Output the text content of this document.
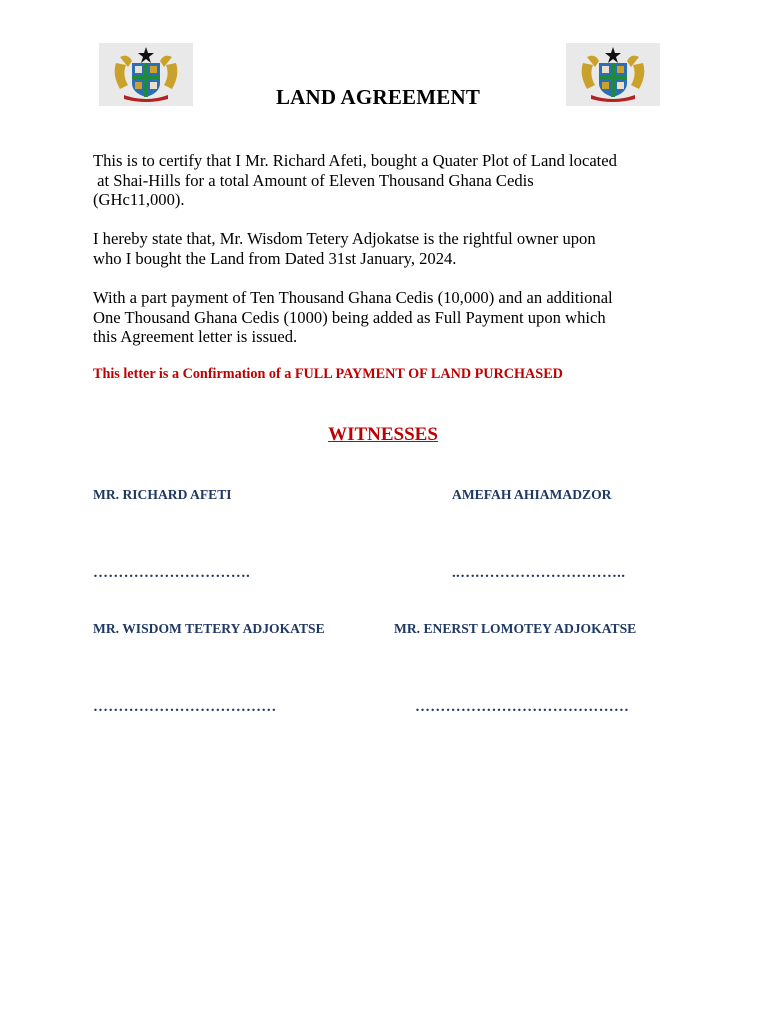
LAND AGREEMENT

This is to certify that I Mr. Richard Afeti, bought a Quater Plot of Land located
at Shai-Hills for a total Amount of Eleven Thousand Ghana Cedis
(GHc11,000).

I hereby state that, Mr. Wisdom Tetery Adjokatse is the rightful owner upon
who I bought the Land from Dated 31st January, 2024.

With a part payment of Ten Thousand Ghana Cedis (10,000) and an additional
One Thousand Ghana Cedis (1000) being added as Full Payment upon which
this Agreement letter is issued.

This letter is a Confirmation of a FULL PAYMENT OF LAND PURCHASED

WITNESSES

MR. RICHARD AFETI

………………………….

AMEFAH AHIAMADZOR

..….………………………..

MR. WISDOM TETERY ADJOKATSE

………………………………

MR. ENERST LOMOTEY ADJOKATSE

……………………………………
